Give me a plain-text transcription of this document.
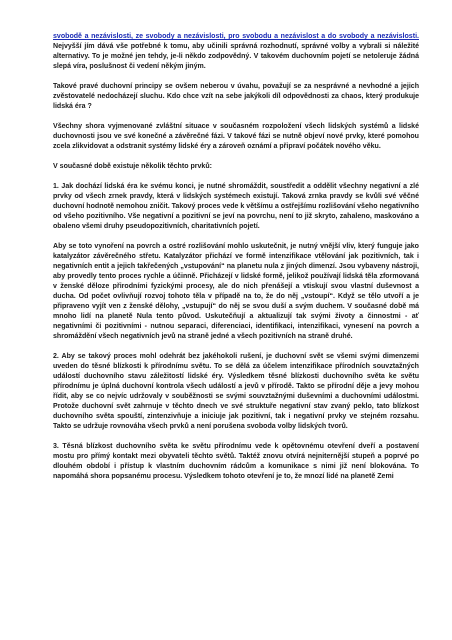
svobodě a nezávislosti, ze svobody a nezávislosti, pro svobodu a nezávislost a do svobody a nezávislosti. Nejvyšší jím dává vše potřebné k tomu, aby učinili správná rozhodnutí, správné volby a vybrali si náležité alternativy. To je možné jen tehdy, je-li někdo zodpovědný. V takovém duchovním pojetí se netoleruje žádná slepá víra, poslušnost či vedení někým jiným.

Takové pravé duchovní principy se ovšem neberou v úvahu, považují se za nesprávné a nevhodné a jejich zvěstovatelé nedocházejí sluchu. Kdo chce vzít na sebe jakýkoli díl odpovědnosti za chaos, který produkuje lidská éra ?

Všechny shora vyjmenované zvláštní situace v současném rozpoložení všech lidských systémů a lidské duchovnosti jsou ve své konečné a závěrečné fázi. V takové fázi se nutně objeví nové prvky, které pomohou zcela zlikvidovat a odstranit systémy lidské éry a zároveň oznámí a připraví počátek nového věku.

V současné době existuje několik těchto prvků:

1. Jak dochází lidská éra ke svému konci, je nutné shromáždit, soustředit a oddělit všechny negativní a zlé prvky od všech zrnek pravdy, která v lidských systémech existují. Taková zrnka pravdy se kvůli své věčné duchovní hodnotě nemohou zničit. Takový proces vede k většímu a ostřejšímu rozlišování všeho negativního od všeho pozitivního. Vše negativní a pozitivní se jeví na povrchu, není to již skryto, zahaleno, maskováno a obaleno všemi druhy pseudopozitivních, charitativních pojetí.

Aby se toto vynoření na povrch a ostré rozlišování mohlo uskutečnit, je nutný vnější vliv, který funguje jako katalyzátor závěrečného střetu. Katalyzátor přichází ve formě intenzifikace vtělování jak pozitivních, tak i negativních entit a jejich takřečených „vstupování“ na planetu nula z jiných dimenzí. Jsou vybaveny nástroji, aby provedly tento proces rychle a účinně. Přicházejí v lidské formě, jelikož používají lidská těla zformovaná v ženské děloze přirodními fyzickými procesy, ale do nich přenášejí a vtiskují svou vlastní duševnost a ducha. Od počet ovlivňují rozvoj tohoto těla v případě na to, že do něj „vstoupí“. Když se tělo utvoří a je připraveno vyjít ven z ženské dělohy, „vstupují“ do něj se svou duší a svým duchem. V současné době má mnoho lidí na planetě Nula tento původ. Uskutečňují a aktualizují tak svými životy a činnostmi - ať negativními či pozitivními - nutnou separaci, diferenciaci, identifikaci, intenzifikaci, vynesení na povrch a shromáždění všech negativních jevů na straně jedné a všech pozitivních na straně druhé.

2. Aby se takový proces mohl odehrát bez jakéhokoli rušení, je duchovní svět se všemi svými dimenzemi uveden do těsné blízkosti k přírodnímu světu. To se dělá za účelem intenzifikace přírodních souvztažných událostí duchovního stavu záležitostí lidské éry. Výsledkem těsné blízkosti duchovního světa ke světu přírodnímu je úplná duchovní kontrola všech událostí a jevů v přírodě. Takto se přírodní děje a jevy mohou řídit, aby se co nejvíc udržovaly v souběžnosti se svými souvztažnými duševními a duchovními událostmi. Protože duchovní svět zahrnuje v těchto dnech ve své struktuře negativní stav zvaný peklo, tato blízkost duchovního světa spouští, zintenzivňuje a iniciuje jak pozitivní, tak i negativní prvky ve stejném rozsahu. Takto se udržuje rovnováha všech prvků a není porušena svoboda volby lidských tvorů.

3. Těsná blízkost duchovního světa ke světu přírodnímu vede k opětovnému otevření dveří a postavení mostu pro přímý kontakt mezi obyvateli těchto světů. Taktéž znovu otvírá nejniternější stupeň a poprvé po dlouhém období i přístup k vlastním duchovním rádcům a komunikace s nimi již není blokována. To napomáhá shora popsanému procesu. Výsledkem tohoto otevření je to, že mnozí lidé na planetě Zemi
